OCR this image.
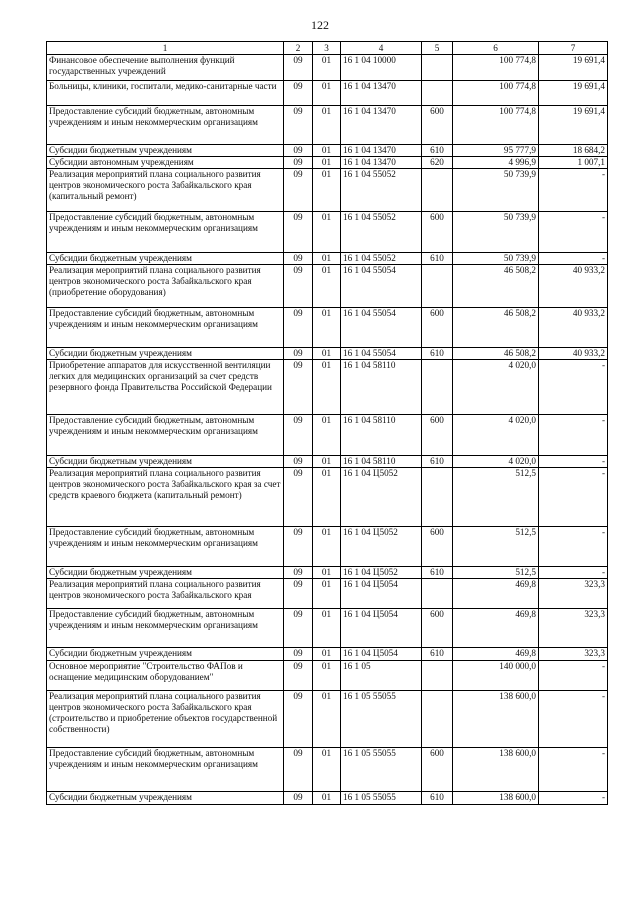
122
1	2	3	4	5	6	7
Финансовое обеспечение выполнения функций государственных учреждений	09	01	16 1 04 10000		100 774,8	19 691,4
Больницы, клиники, госпитали, медико-санитарные части	09	01	16 1 04 13470		100 774,8	19 691,4
Предоставление субсидий бюджетным, автономным учреждениям и иным некоммерческим организациям	09	01	16 1 04 13470	600	100 774,8	19 691,4
Субсидии бюджетным учреждениям	09	01	16 1 04 13470	610	95 777,9	18 684,2
Субсидии автономным учреждениям	09	01	16 1 04 13470	620	4 996,9	1 007,1
Реализация мероприятий плана социального развития центров экономического роста Забайкальского края (капитальный ремонт)	09	01	16 1 04 55052		50 739,9	-
Предоставление субсидий бюджетным, автономным учреждениям и иным некоммерческим организациям	09	01	16 1 04 55052	600	50 739,9	-
Субсидии бюджетным учреждениям	09	01	16 1 04 55052	610	50 739,9	-
Реализация мероприятий плана социального развития центров экономического роста Забайкальского края (приобретение оборудования)	09	01	16 1 04 55054		46 508,2	40 933,2
Предоставление субсидий бюджетным, автономным учреждениям и иным некоммерческим организациям	09	01	16 1 04 55054	600	46 508,2	40 933,2
Субсидии бюджетным учреждениям	09	01	16 1 04 55054	610	46 508,2	40 933,2
Приобретение аппаратов для искусственной вентиляции легких для медицинских организаций за счет средств резервного фонда Правительства Российской Федерации	09	01	16 1 04 58110		4 020,0	-
Предоставление субсидий бюджетным, автономным учреждениям и иным некоммерческим организациям	09	01	16 1 04 58110	600	4 020,0	-
Субсидии бюджетным учреждениям	09	01	16 1 04 58110	610	4 020,0	-
Реализация мероприятий плана социального развития центров экономического роста Забайкальского края за счет средств краевого бюджета (капитальный ремонт)	09	01	16 1 04 Ц5052		512,5	-
Предоставление субсидий бюджетным, автономным учреждениям и иным некоммерческим организациям	09	01	16 1 04 Ц5052	600	512,5	-
Субсидии бюджетным учреждениям	09	01	16 1 04 Ц5052	610	512,5	-
Реализация мероприятий плана социального развития центров экономического роста Забайкальского края	09	01	16 1 04 Ц5054		469,8	323,3
Предоставление субсидий бюджетным, автономным учреждениям и иным некоммерческим организациям	09	01	16 1 04 Ц5054	600	469,8	323,3
Субсидии бюджетным учреждениям	09	01	16 1 04 Ц5054	610	469,8	323,3
Основное мероприятие "Строительство ФАПов и оснащение медицинским оборудованием"	09	01	16 1 05		140 000,0	-
Реализация мероприятий плана социального развития центров экономического роста Забайкальского края (строительство и приобретение объектов государственной собственности)	09	01	16 1 05 55055		138 600,0	-
Предоставление субсидий бюджетным, автономным учреждениям и иным некоммерческим организациям	09	01	16 1 05 55055	600	138 600,0	-
Субсидии бюджетным учреждениям	09	01	16 1 05 55055	610	138 600,0	-
